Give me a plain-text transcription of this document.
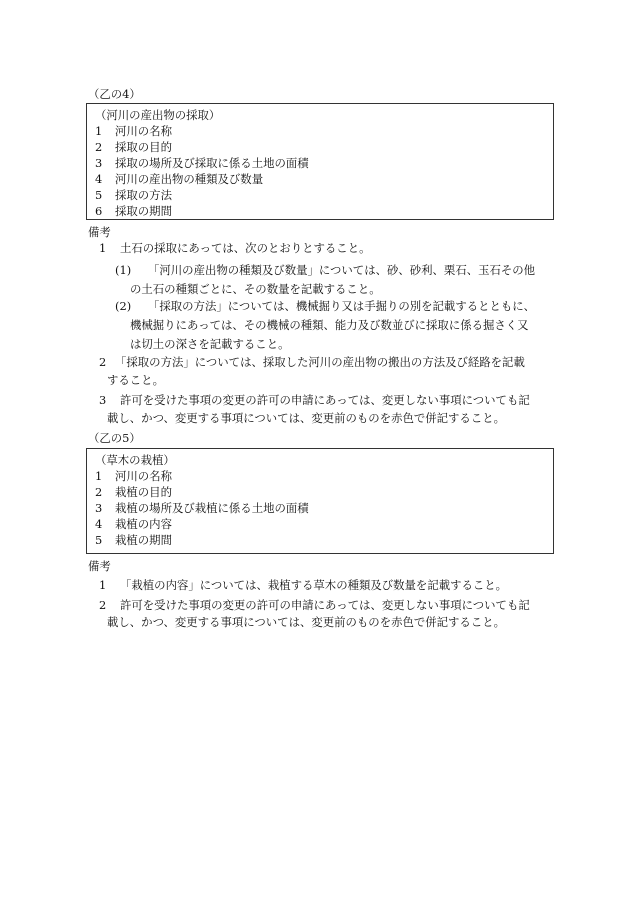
（乙の4）
（河川の産出物の採取）
1 河川の名称
2 採取の目的
3 採取の場所及び採取に係る土地の面積
4 河川の産出物の種類及び数量
5 採取の方法
6 採取の期間
備考
1 土石の採取にあっては、次のとおりとすること。
(1) 「河川の産出物の種類及び数量」については、砂、砂利、栗石、玉石その他
の土石の種類ごとに、その数量を記載すること。
(2) 「採取の方法」については、機械掘り又は手掘りの別を記載するとともに、
機械掘りにあっては、その機械の種類、能力及び数並びに採取に係る掘さく又
は切土の深さを記載すること。
2 「採取の方法」については、採取した河川の産出物の搬出の方法及び経路を記載
すること。
3 許可を受けた事項の変更の許可の申請にあっては、変更しない事項についても記
載し、かつ、変更する事項については、変更前のものを赤色で併記すること。
（乙の5）
（草木の栽植）
1 河川の名称
2 栽植の目的
3 栽植の場所及び栽植に係る土地の面積
4 栽植の内容
5 栽植の期間
備考
1 「栽植の内容」については、栽植する草木の種類及び数量を記載すること。
2 許可を受けた事項の変更の許可の申請にあっては、変更しない事項についても記
載し、かつ、変更する事項については、変更前のものを赤色で併記すること。
